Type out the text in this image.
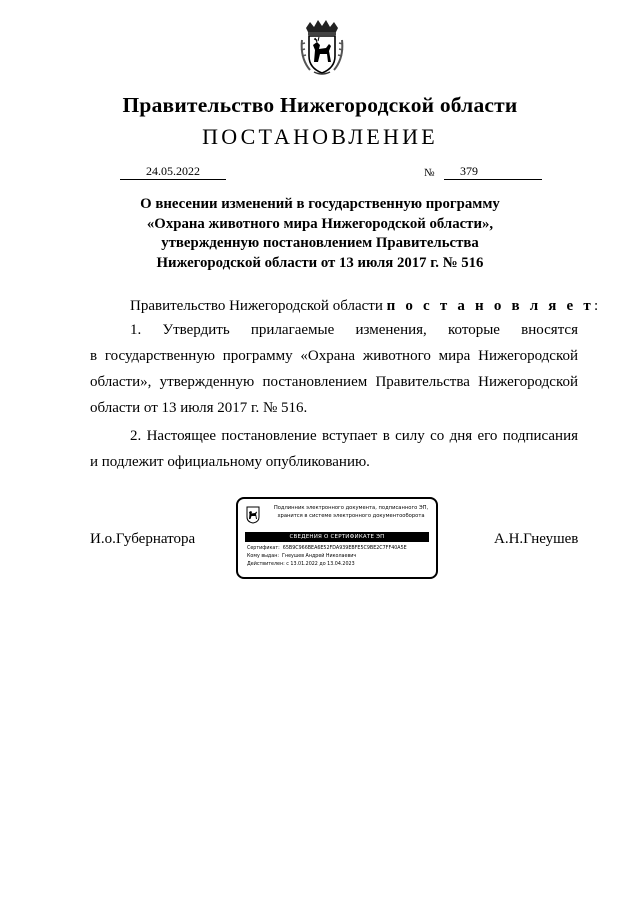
Правительство Нижегородской области
ПОСТАНОВЛЕНИЕ
24.05.2022	№	379
О внесении изменений в государственную программу
«Охрана животного мира Нижегородской области»,
утвержденную постановлением Правительства
Нижегородской области от 13 июля 2017 г. № 516
Правительство Нижегородской области п о с т а н о в л я е т:
1. Утвердить прилагаемые изменения, которые вносятся
в государственную программу «Охрана животного мира Нижегородской
области», утвержденную постановлением Правительства Нижегородской
области от 13 июля 2017 г. № 516.
2. Настоящее постановление вступает в силу со дня его подписания
и подлежит официальному опубликованию.
И.о.Губернатора
Подлинник электронного документа, подписанного ЭП,
хранится в системе электронного документооборота
СВЕДЕНИЯ О СЕРТИФИКАТЕ ЭП
Сертификат: 65B9C966BEA6E52FDA939EBFE5C9BE2C7FF40A5E
Кому выдан: Гнеушев Андрей Николаевич
Действителен: с 13.01.2022 до 13.04.2023
А.Н.Гнеушев
